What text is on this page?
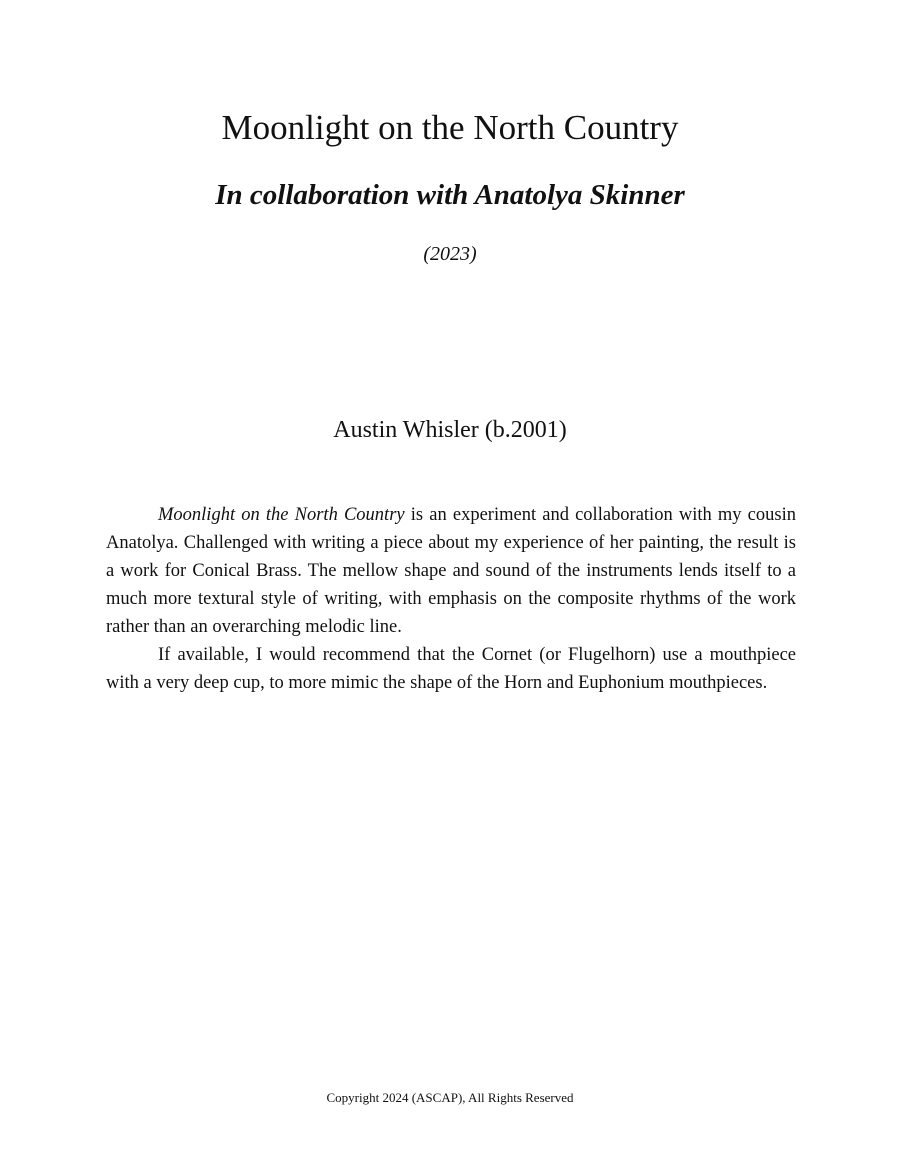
Moonlight on the North Country
In collaboration with Anatolya Skinner
(2023)
Austin Whisler (b.2001)

Moonlight on the North Country is an experiment and collaboration with my cousin Anatolya. Challenged with writing a piece about my experience of her painting, the result is a work for Conical Brass. The mellow shape and sound of the instruments lends itself to a much more textural style of writing, with emphasis on the composite rhythms of the work rather than an overarching melodic line.

If available, I would recommend that the Cornet (or Flugelhorn) use a mouthpiece with a very deep cup, to more mimic the shape of the Horn and Euphonium mouthpieces.

Copyright 2024 (ASCAP), All Rights Reserved
